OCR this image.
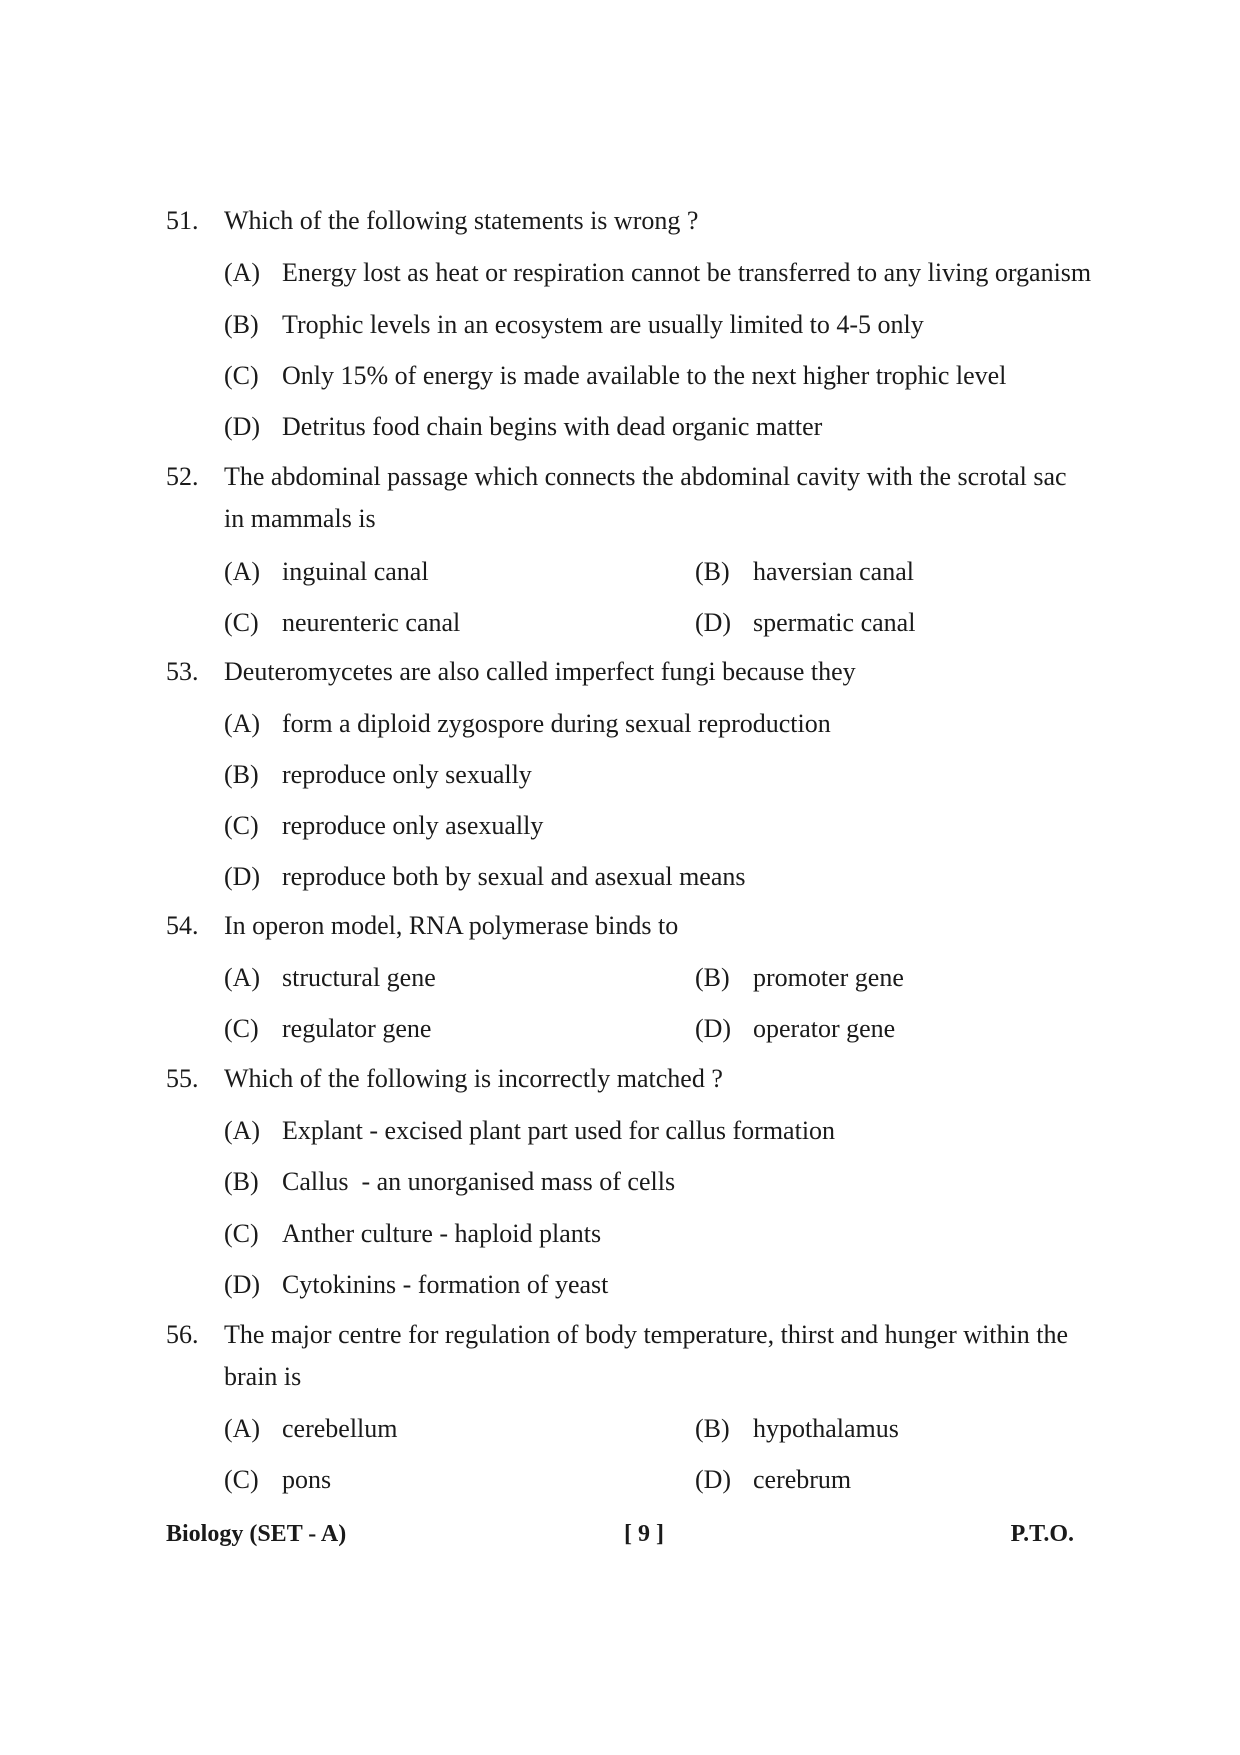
51. Which of the following statements is wrong ?
(A) Energy lost as heat or respiration cannot be transferred to any living organism
(B) Trophic levels in an ecosystem are usually limited to 4-5 only
(C) Only 15% of energy is made available to the next higher trophic level
(D) Detritus food chain begins with dead organic matter
52. The abdominal passage which connects the abdominal cavity with the scrotal sac in mammals is
(A) inguinal canal	(B) haversian canal
(C) neurenteric canal	(D) spermatic canal
53. Deuteromycetes are also called imperfect fungi because they
(A) form a diploid zygospore during sexual reproduction
(B) reproduce only sexually
(C) reproduce only asexually
(D) reproduce both by sexual and asexual means
54. In operon model, RNA polymerase binds to
(A) structural gene	(B) promoter gene
(C) regulator gene	(D) operator gene
55. Which of the following is incorrectly matched ?
(A) Explant - excised plant part used for callus formation
(B) Callus  - an unorganised mass of cells
(C) Anther culture - haploid plants
(D) Cytokinins - formation of yeast
56. The major centre for regulation of body temperature, thirst and hunger within the brain is
(A) cerebellum	(B) hypothalamus
(C) pons	(D) cerebrum
Biology (SET - A)	[ 9 ]	P.T.O.
